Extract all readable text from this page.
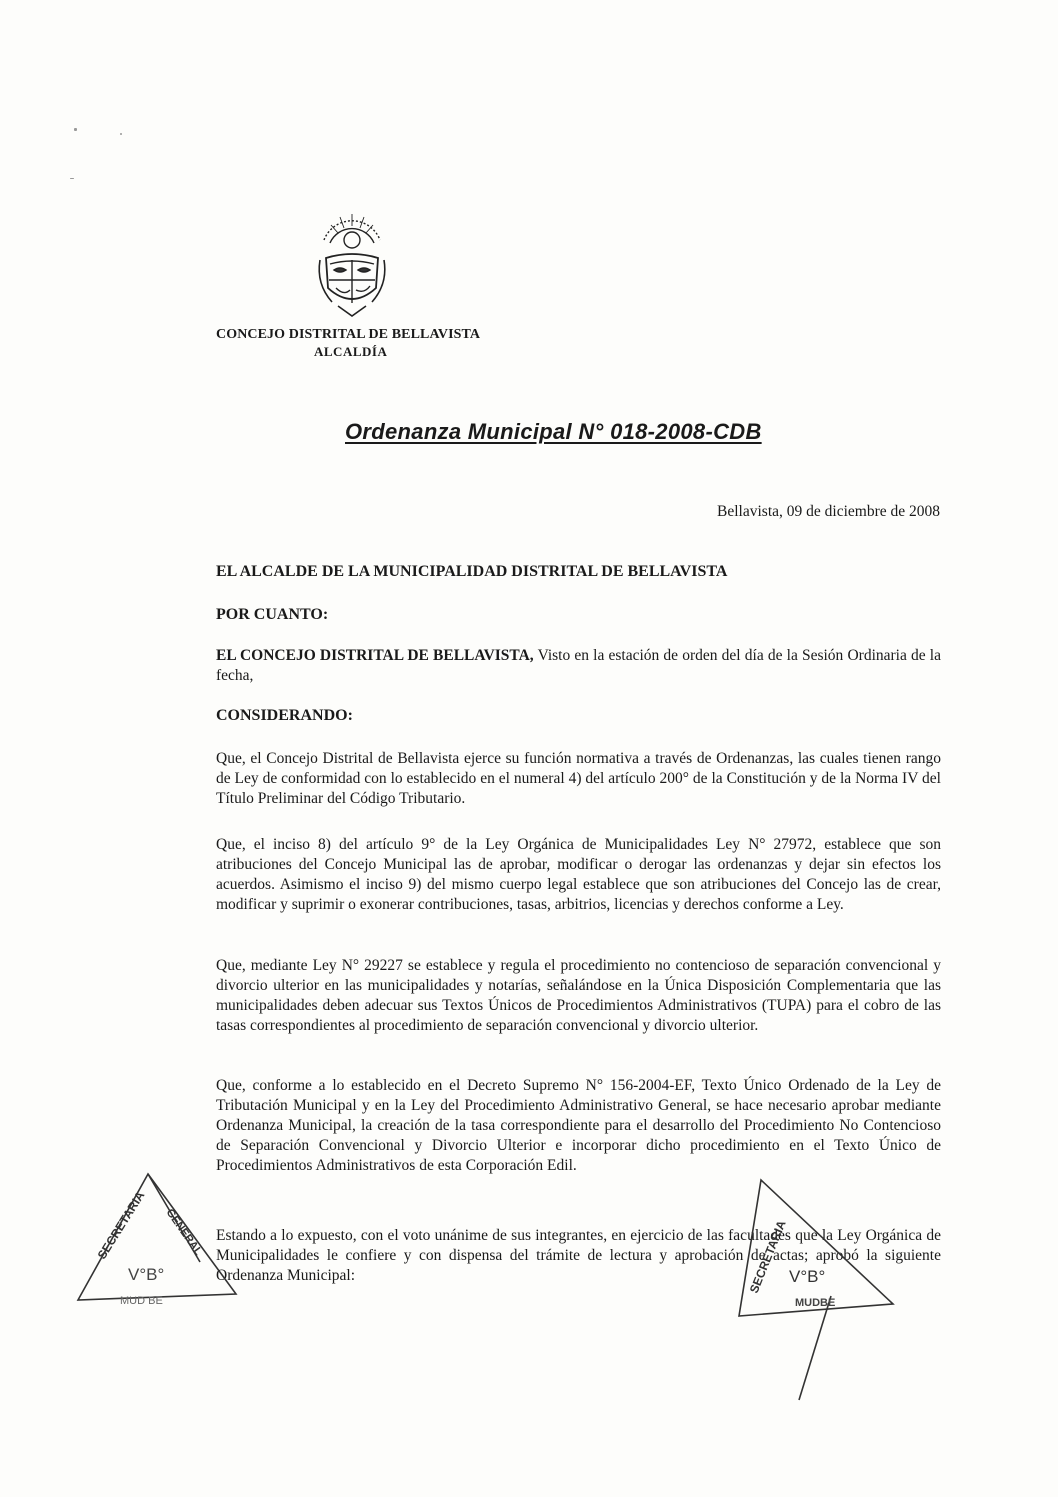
CONCEJO DISTRITAL DE BELLAVISTA
ALCALDÍA
Ordenanza Municipal N° 018-2008-CDB
Bellavista, 09 de diciembre de 2008
EL ALCALDE DE LA MUNICIPALIDAD DISTRITAL DE BELLAVISTA
POR CUANTO:
EL CONCEJO DISTRITAL DE BELLAVISTA, Visto en la estación de orden del día de la Sesión Ordinaria de la fecha,
CONSIDERANDO:
Que, el Concejo Distrital de Bellavista ejerce su función normativa a través de Ordenanzas, las cuales tienen rango de Ley de conformidad con lo establecido en el numeral 4) del artículo 200° de la Constitución y de la Norma IV del Título Preliminar del Código Tributario.
Que, el inciso 8) del artículo 9° de la Ley Orgánica de Municipalidades Ley N° 27972, establece que son atribuciones del Concejo Municipal las de aprobar, modificar o derogar las ordenanzas y dejar sin efectos los acuerdos. Asimismo el inciso 9) del mismo cuerpo legal establece que son atribuciones del Concejo las de crear, modificar y suprimir o exonerar contribuciones, tasas, arbitrios, licencias y derechos conforme a Ley.
Que, mediante Ley N° 29227 se establece y regula el procedimiento no contencioso de separación convencional y divorcio ulterior en las municipalidades y notarías, señalándose en la Única Disposición Complementaria que las municipalidades deben adecuar sus Textos Únicos de Procedimientos Administrativos (TUPA) para el cobro de las tasas correspondientes al procedimiento de separación convencional y divorcio ulterior.
Que, conforme a lo establecido en el Decreto Supremo N° 156-2004-EF, Texto Único Ordenado de la Ley de Tributación Municipal y en la Ley del Procedimiento Administrativo General, se hace necesario aprobar mediante Ordenanza Municipal, la creación de la tasa correspondiente para el desarrollo del Procedimiento No Contencioso de Separación Convencional y Divorcio Ulterior e incorporar dicho procedimiento en el Texto Único de Procedimientos Administrativos de esta Corporación Edil.
Estando a lo expuesto, con el voto unánime de sus integrantes, en ejercicio de las facultades que la Ley Orgánica de Municipalidades le confiere y con dispensa del trámite de lectura y aprobación de actas; aprobó la siguiente Ordenanza Municipal:
SECRETARIA GENERAL
V°B°
MUD BE
SECRETARIA V°B°
MUDBE
